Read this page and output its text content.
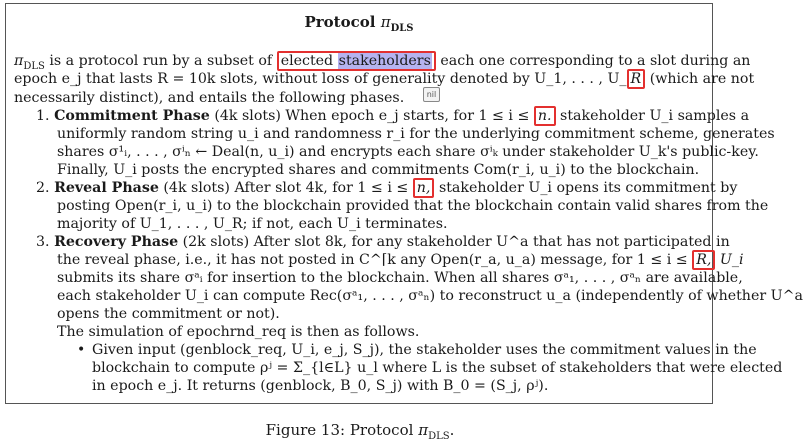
Protocol $\pi_{DLS}$
$\pi_{DLS}$ is a protocol run by a subset of elected stakeholders each one corresponding to a slot during an
epoch e_j that lasts R = 10k slots, without loss of generality denoted by U_1, . . . , U_ R (which are not
necessarily distinct), and entails the following phases.	nil
1. Commitment Phase (4k slots) When epoch e_j starts, for 1 ≤ i ≤ n. stakeholder U_i samples a
uniformly random string u_i and randomness r_i for the underlying commitment scheme, generates
shares σ¹ᵢ, . . . , σⁱₙ ← Deal(n, u_i) and encrypts each share σⁱₖ under stakeholder U_k's public-key.
Finally, U_i posts the encrypted shares and commitments Com(r_i, u_i) to the blockchain.
2. Reveal Phase (4k slots) After slot 4k, for 1 ≤ i ≤ n, stakeholder U_i opens its commitment by
posting Open(r_i, u_i) to the blockchain provided that the blockchain contain valid shares from the
majority of U_1, . . . , U_R; if not, each U_i terminates.
3. Recovery Phase (2k slots) After slot 8k, for any stakeholder U^a that has not participated in
the reveal phase, i.e., it has not posted in C^⌈k any Open(r_a, u_a) message, for 1 ≤ i ≤ R, U_i
submits its share σᵃᵢ for insertion to the blockchain. When all shares σᵃ₁, . . . , σᵃₙ are available,
each stakeholder U_i can compute Rec(σᵃ₁, . . . , σᵃₙ) to reconstruct u_a (independently of whether U^a
opens the commitment or not).
The simulation of epochrnd_req is then as follows.
• Given input (genblock_req, U_i, e_j, S_j), the stakeholder uses the commitment values in the
blockchain to compute ρʲ = Σ_{l∈L} u_l where L is the subset of stakeholders that were elected
in epoch e_j. It returns (genblock, B_0, S_j) with B_0 = (S_j, ρʲ).
Figure 13: Protocol $\pi_{DLS}$.
